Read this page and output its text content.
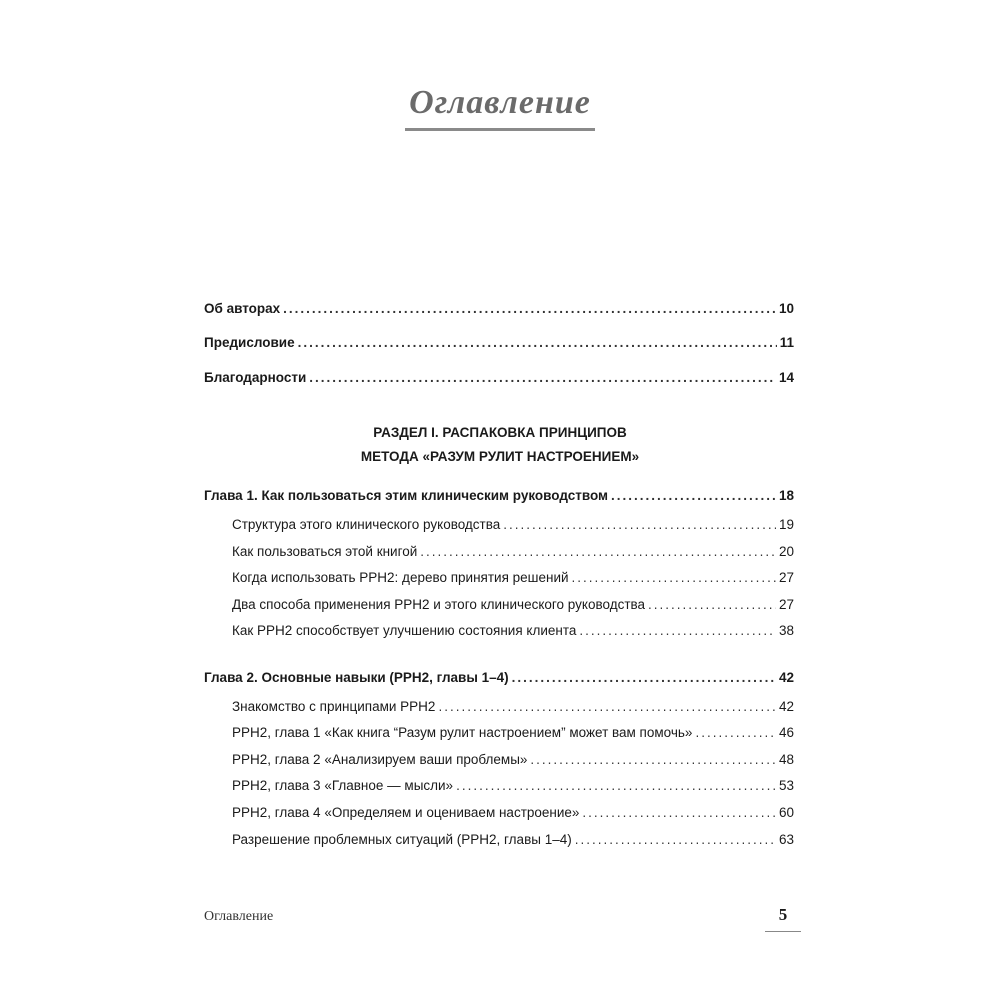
Оглавление
Об авторах .....	10
Предисловие .....	11
Благодарности .....	14
Глава 1. Как пользоваться этим клиническим руководством .....	18
Структура этого клинического руководства .....	19
Как пользоваться этой книгой .....	20
Когда использовать РРН2: дерево принятия решений .....	27
Два способа применения РРН2 и этого клинического руководства .....	27
Как РРН2 способствует улучшению состояния клиента .....	38
Глава 2. Основные навыки (РРН2, главы 1–4) .....	42
Знакомство с принципами РРН2 .....	42
РРН2, глава 1 «Как книга “Разум рулит настроением” может вам помочь» .....	46
РРН2, глава 2 «Анализируем ваши проблемы» .....	48
РРН2, глава 3 «Главное — мысли» .....	53
РРН2, глава 4 «Определяем и оцениваем настроение» .....	60
Разрешение проблемных ситуаций (РРН2, главы 1–4) .....	63
РАЗДЕЛ I. РАСПАКОВКА ПРИНЦИПОВ
МЕТОДА «РАЗУМ РУЛИТ НАСТРОЕНИЕМ»
Оглавление	5
